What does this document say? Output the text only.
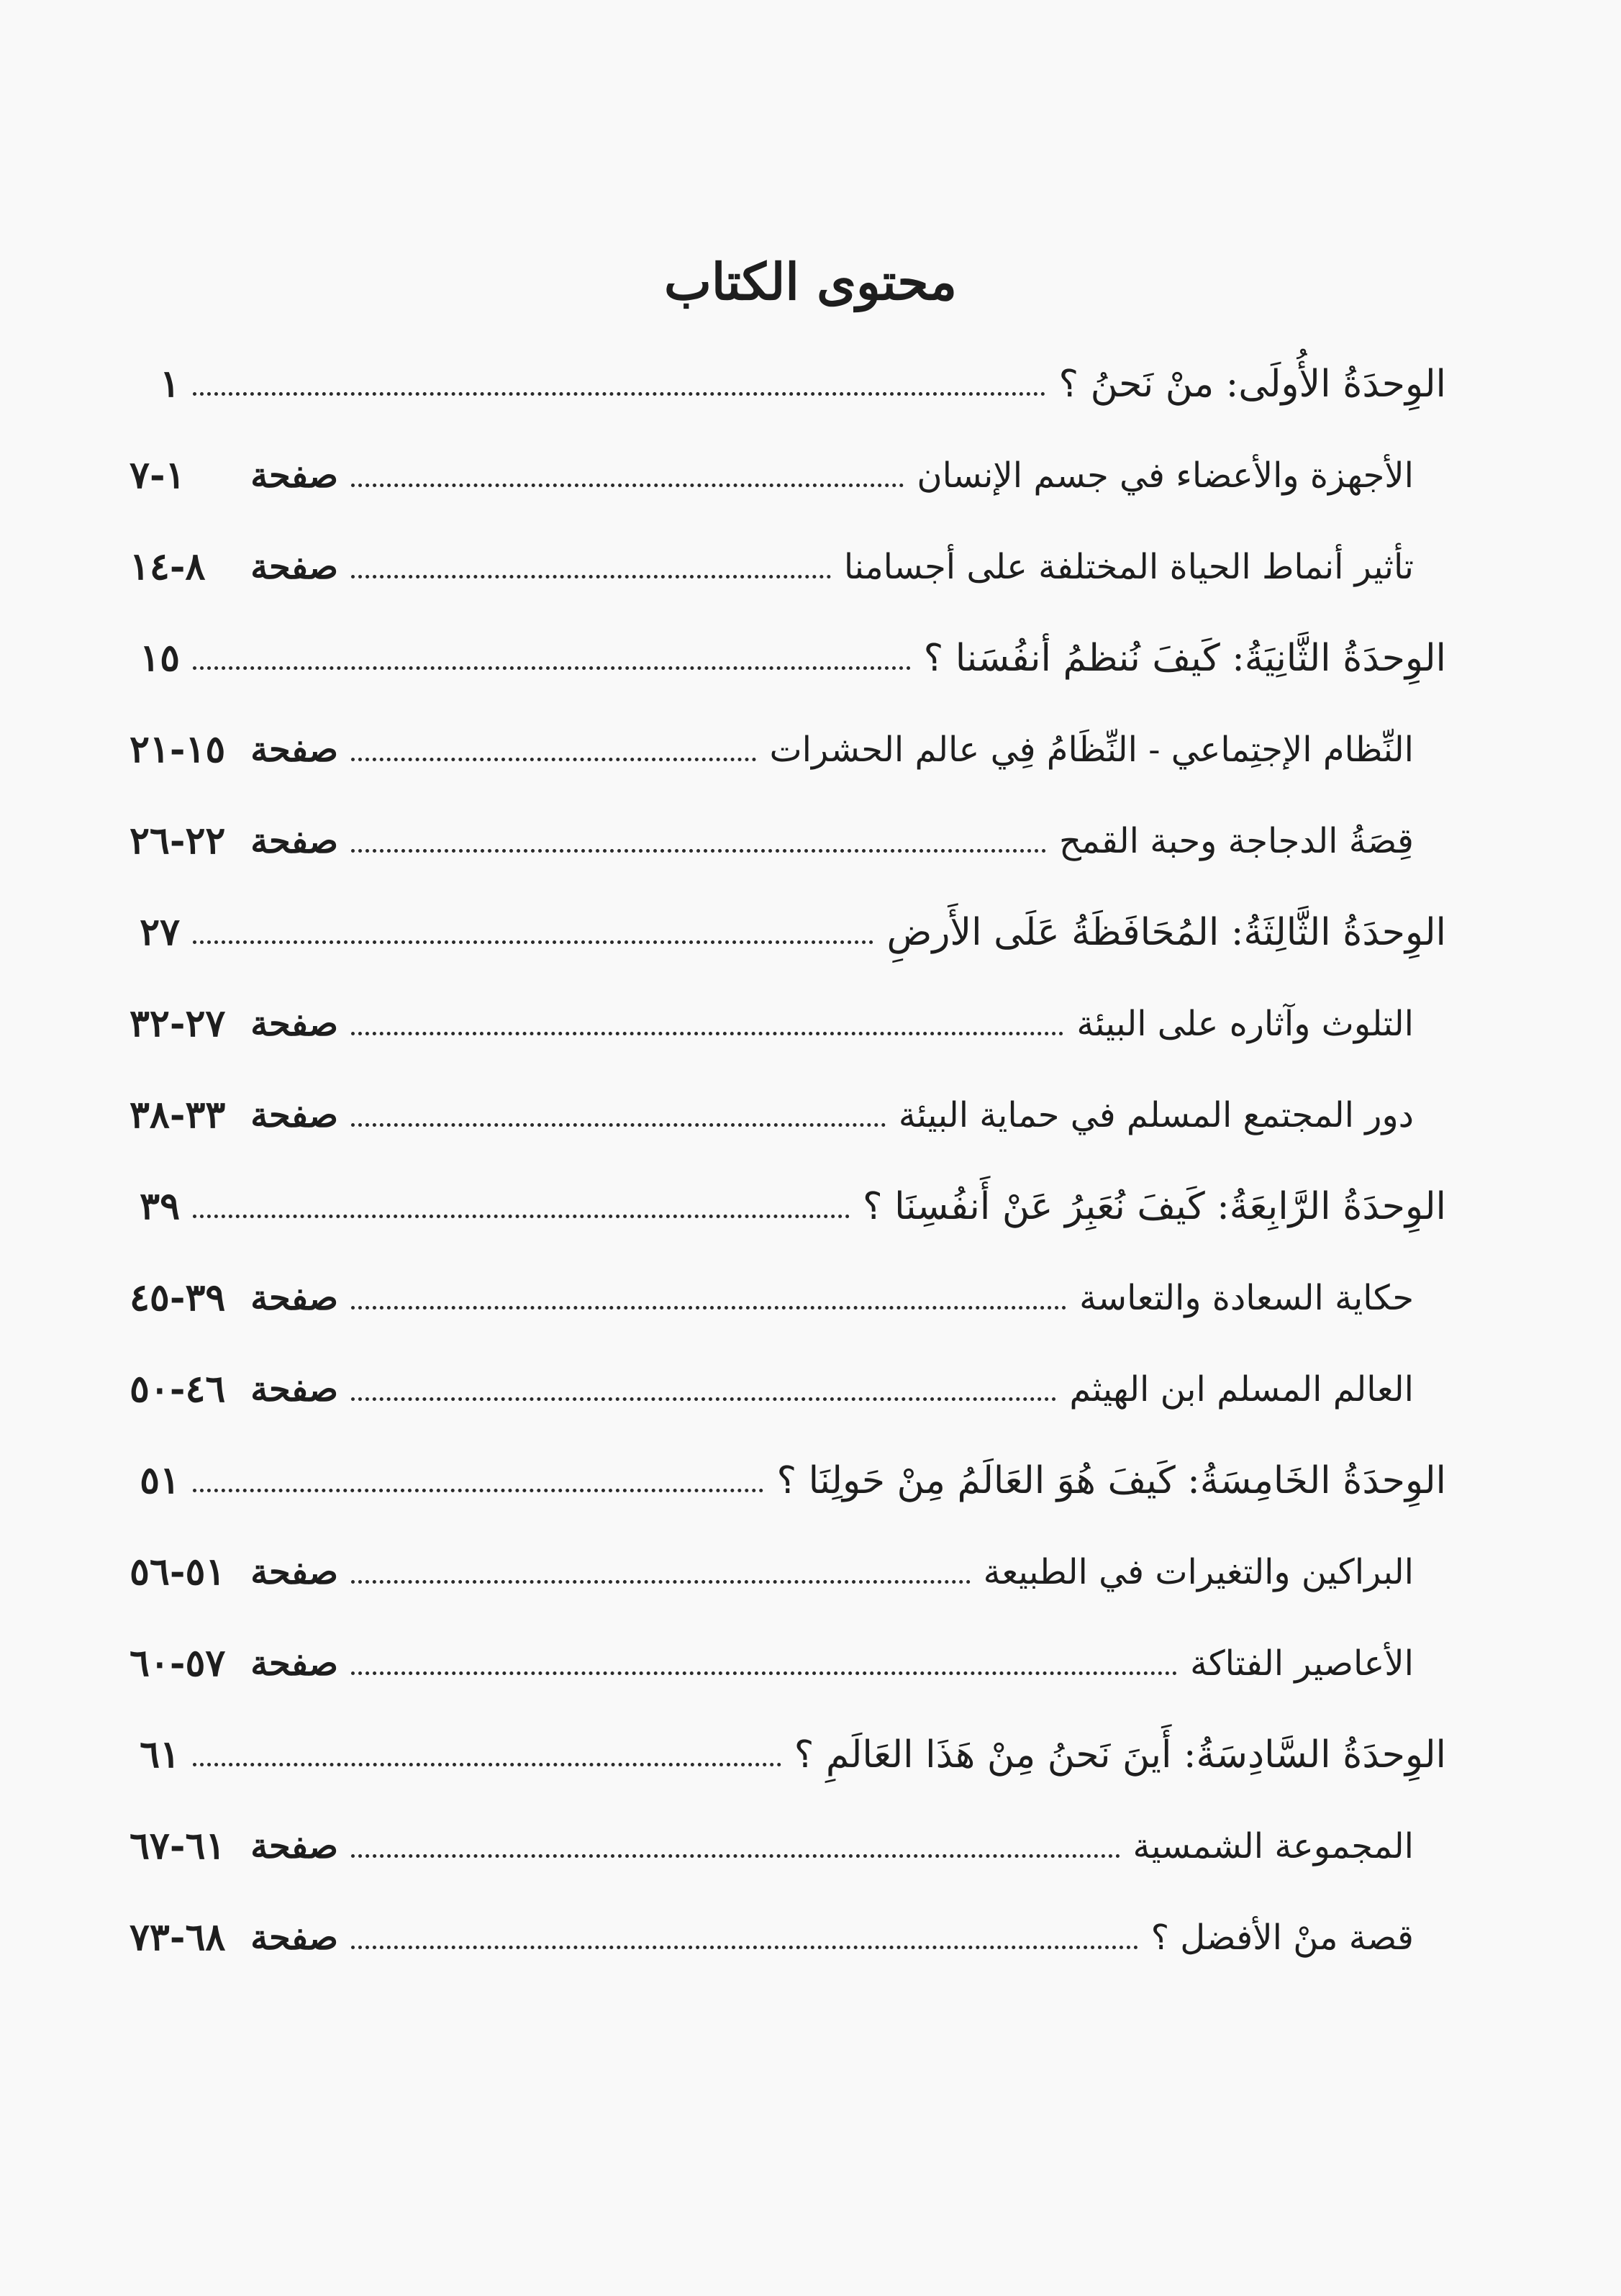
محتوى الكتاب
الوِحدَةُ الأُولَى: منْ نَحنُ ؟
١
الأجهزة والأعضاء في جسم الإنسان
صفحة
١-٧
تأثير أنماط الحياة المختلفة على أجسامنا
صفحة
٨-١٤
الوِحدَةُ الثَّانِيَةُ: كَيفَ نُنظمُ أنفُسَنا ؟
١٥
النِّظام الإجتِماعي - النِّظَامُ فِي عالم الحشرات
صفحة
١٥-٢١
قِصَةُ الدجاجة وحبة القمح
صفحة
٢٢-٢٦
الوِحدَةُ الثَّالِثَةُ: المُحَافَظَةُ عَلَى الأَرضِ
٢٧
التلوث وآثاره على البيئة
صفحة
٢٧-٣٢
دور المجتمع المسلم في حماية البيئة
صفحة
٣٣-٣٨
الوِحدَةُ الرَّابِعَةُ: كَيفَ نُعَبِرُ عَنْ أَنفُسِنَا ؟
٣٩
حكاية السعادة والتعاسة
صفحة
٣٩-٤٥
العالم المسلم ابن الهيثم
صفحة
٤٦-٥٠
الوِحدَةُ الخَامِسَةُ: كَيفَ هُوَ العَالَمُ مِنْ حَولِنَا ؟
٥١
البراكين والتغيرات في الطبيعة
صفحة
٥١-٥٦
الأعاصير الفتاكة
صفحة
٥٧-٦٠
الوِحدَةُ السَّادِسَةُ: أَينَ نَحنُ مِنْ هَذَا العَالَمِ ؟
٦١
المجموعة الشمسية
صفحة
٦١-٦٧
قصة منْ الأفضل ؟
صفحة
٦٨-٧٣
